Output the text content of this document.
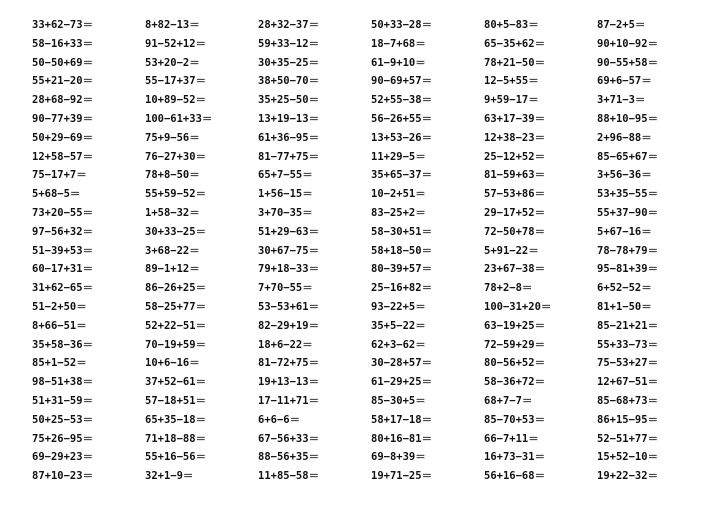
33+62−73＝	8+82−13＝	28+32−37＝	50+33−28＝	80+5−83＝	87−2+5＝
58−16+33＝	91−52+12＝	59+33−12＝	18−7+68＝	65−35+62＝	90+10−92＝
50−50+69＝	53+20−2＝	30+35−25＝	61−9+10＝	78+21−50＝	90−55+58＝
55+21−20＝	55−17+37＝	38+50−70＝	90−69+57＝	12−5+55＝	69+6−57＝
28+68−92＝	10+89−52＝	35+25−50＝	52+55−38＝	9+59−17＝	3+71−3＝
90−77+39＝	100−61+33＝	13+19−13＝	56−26+55＝	63+17−39＝	88+10−95＝
50+29−69＝	75+9−56＝	61+36−95＝	13+53−26＝	12+38−23＝	2+96−88＝
12+58−57＝	76−27+30＝	81−77+75＝	11+29−5＝	25−12+52＝	85−65+67＝
75−17+7＝	78+8−50＝	65+7−55＝	35+65−37＝	81−59+63＝	3+56−36＝
5+68−5＝	55+59−52＝	1+56−15＝	10−2+51＝	57−53+86＝	53+35−55＝
73+20−55＝	1+58−32＝	3+70−35＝	83−25+2＝	29−17+52＝	55+37−90＝
97−56+32＝	30+33−25＝	51+29−63＝	58−30+51＝	72−50+78＝	5+67−16＝
51−39+53＝	3+68−22＝	30+67−75＝	58+18−50＝	5+91−22＝	78−78+79＝
60−17+31＝	89−1+12＝	79+18−33＝	80−39+57＝	23+67−38＝	95−81+39＝
31+62−65＝	86−26+25＝	7+70−55＝	25−16+82＝	78+2−8＝	6+52−52＝
51−2+50＝	58−25+77＝	53−53+61＝	93−22+5＝	100−31+20＝	81+1−50＝
8+66−51＝	52+22−51＝	82−29+19＝	35+5−22＝	63−19+25＝	85−21+21＝
35+58−36＝	70−19+59＝	18+6−22＝	62+3−62＝	72−59+29＝	55+33−73＝
85+1−52＝	10+6−16＝	81−72+75＝	30−28+57＝	80−56+52＝	75−53+27＝
98−51+38＝	37+52−61＝	19+13−13＝	61−29+25＝	58−36+72＝	12+67−51＝
51+31−59＝	57−18+51＝	17−11+71＝	85−30+5＝	68+7−7＝	85−68+73＝
50+25−53＝	65+35−18＝	6+6−6＝	58+17−18＝	85−70+53＝	86+15−95＝
75+26−95＝	71+18−88＝	67−56+33＝	80+16−81＝	66−7+11＝	52−51+77＝
69−29+23＝	55+16−56＝	88−56+35＝	69−8+39＝	16+73−31＝	15+52−10＝
87+10−23＝	32+1−9＝	11+85−58＝	19+71−25＝	56+16−68＝	19+22−32＝
